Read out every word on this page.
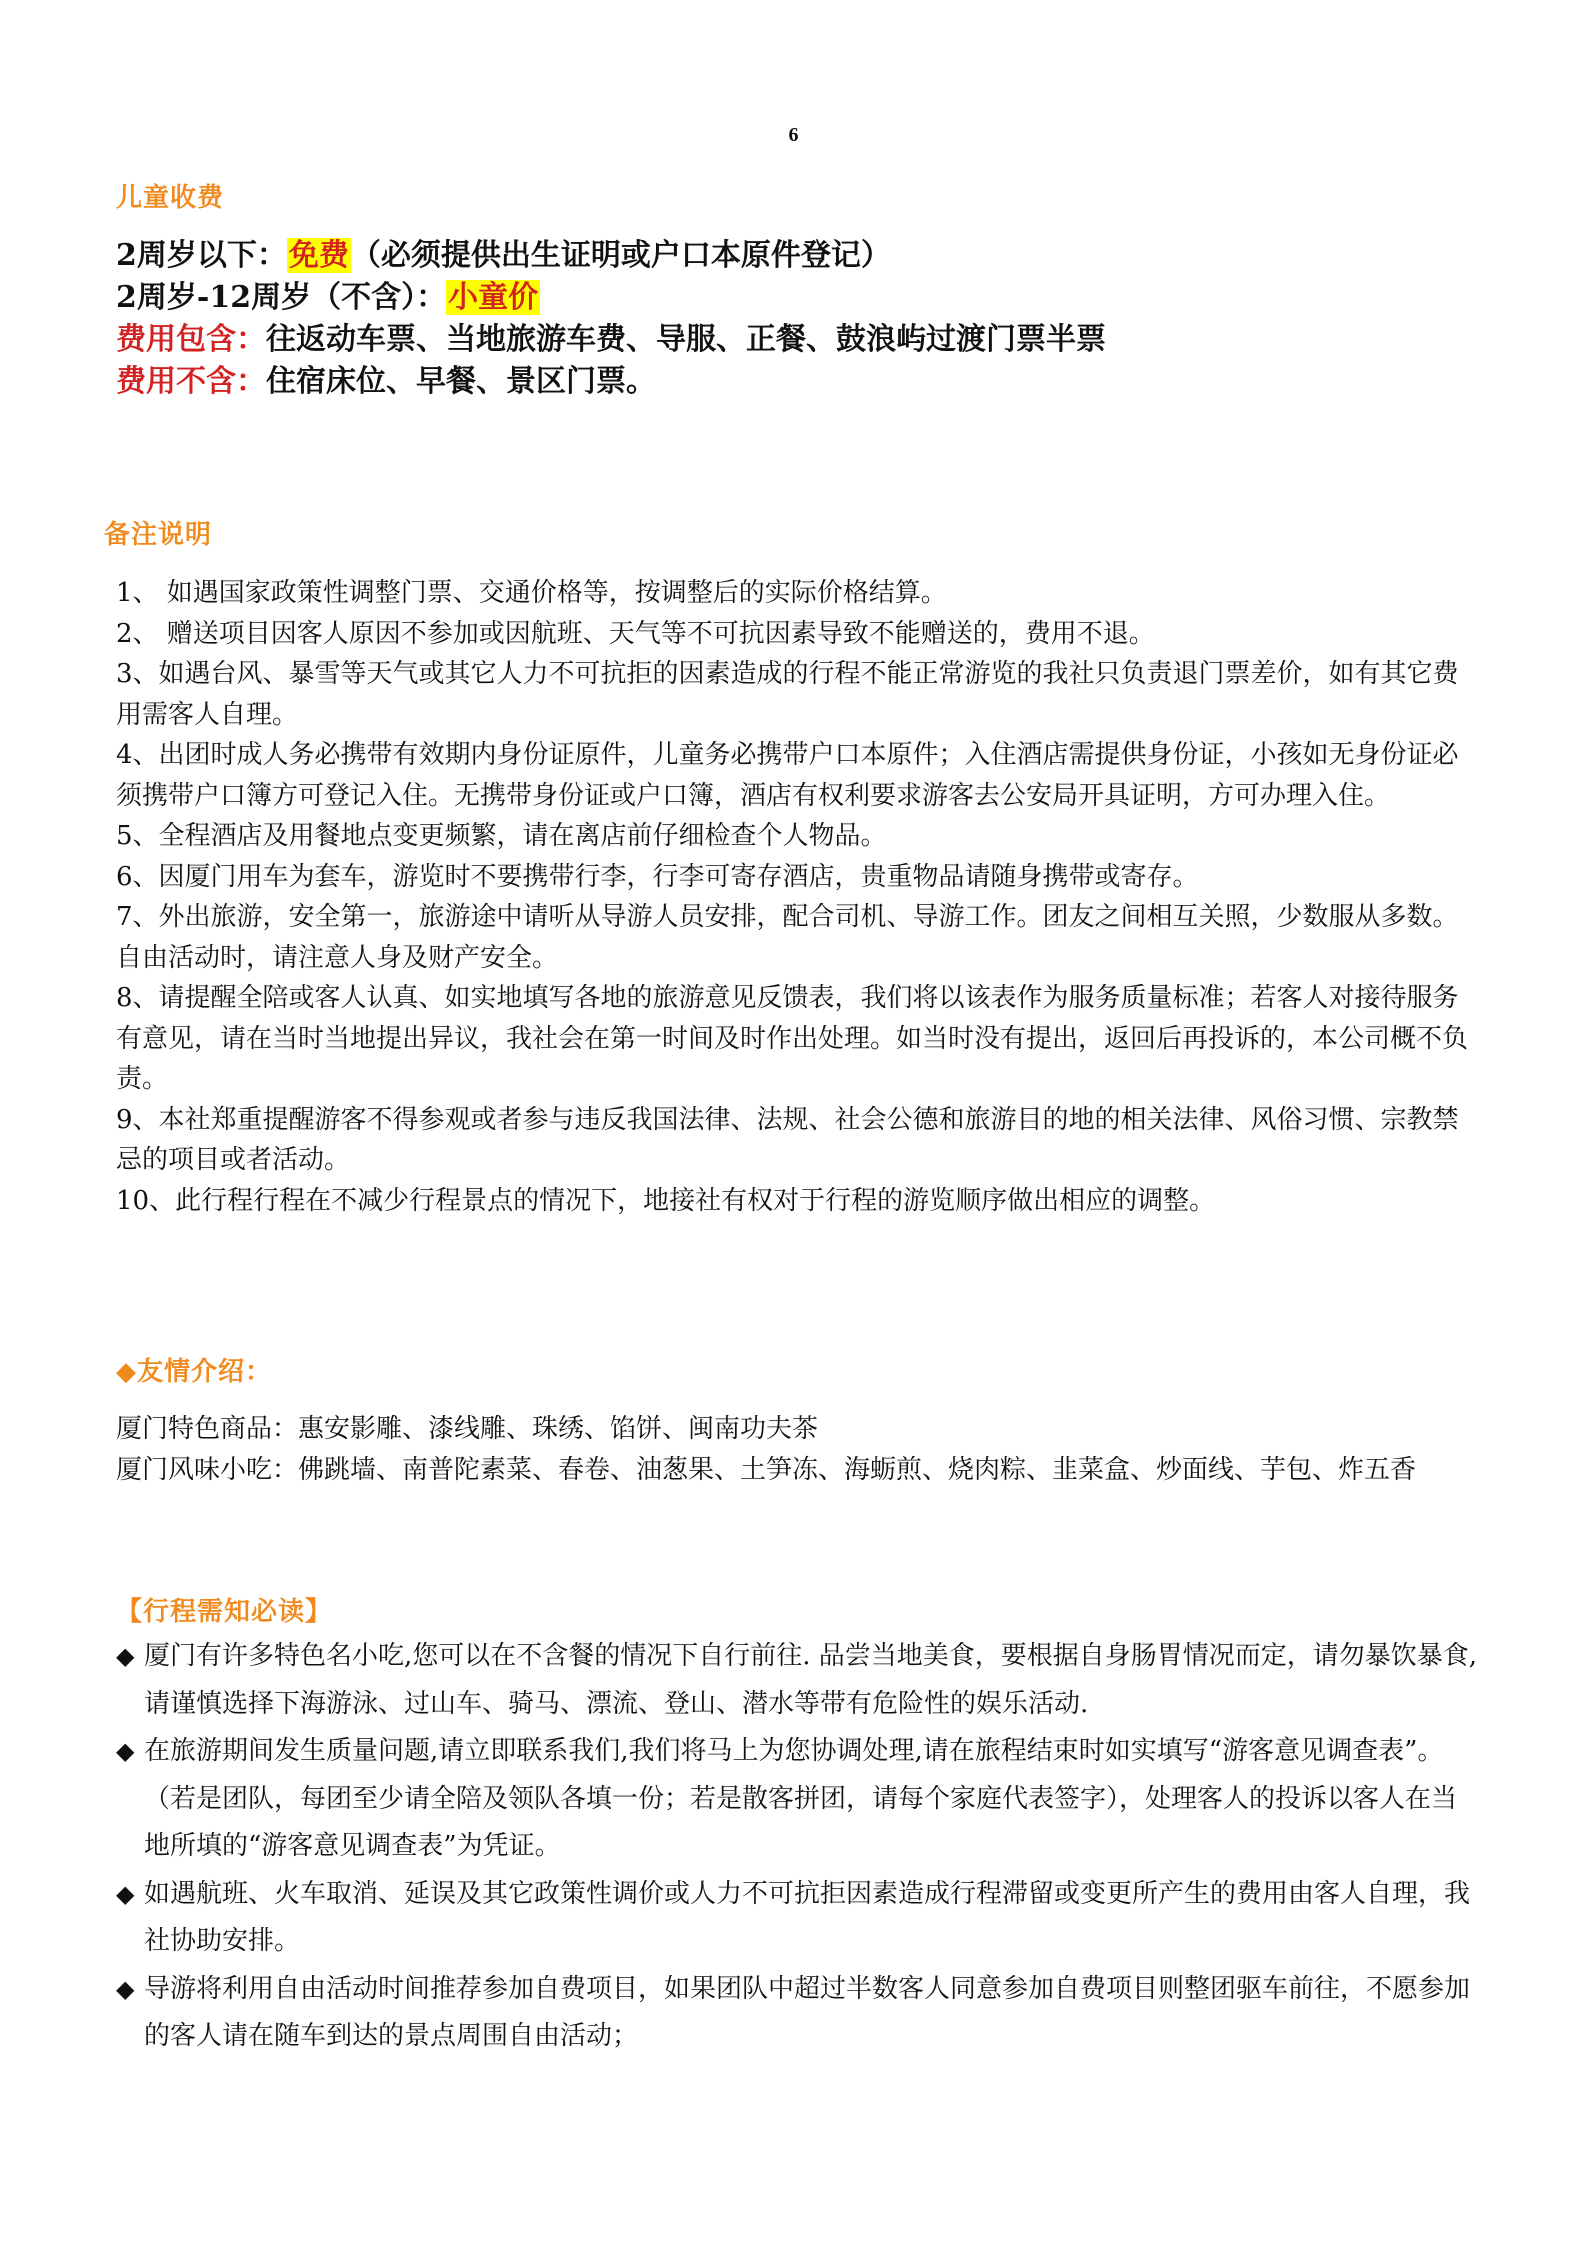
6
儿童收费
2周岁以下：免费（必须提供出生证明或户口本原件登记）
2周岁-12周岁（不含）：小童价
费用包含：往返动车票、当地旅游车费、导服、正餐、鼓浪屿过渡门票半票
费用不含：住宿床位、早餐、景区门票。
备注说明

1、 如遇国家政策性调整门票、交通价格等，按调整后的实际价格结算。

2、 赠送项目因客人原因不参加或因航班、天气等不可抗因素导致不能赠送的，费用不退。

3、如遇台风、暴雪等天气或其它人力不可抗拒的因素造成的行程不能正常游览的我社只负责退门票差价，如有其它费用需客人自理。

4、出团时成人务必携带有效期内身份证原件，儿童务必携带户口本原件；入住酒店需提供身份证，小孩如无身份证必须携带户口簿方可登记入住。无携带身份证或户口簿，酒店有权利要求游客去公安局开具证明，方可办理入住。

5、全程酒店及用餐地点变更频繁，请在离店前仔细检查个人物品。

6、因厦门用车为套车，游览时不要携带行李，行李可寄存酒店，贵重物品请随身携带或寄存。

7、外出旅游，安全第一，旅游途中请听从导游人员安排，配合司机、导游工作。团友之间相互关照，少数服从多数。自由活动时，请注意人身及财产安全。

8、请提醒全陪或客人认真、如实地填写各地的旅游意见反馈表，我们将以该表作为服务质量标准；若客人对接待服务有意见，请在当时当地提出异议，我社会在第一时间及时作出处理。如当时没有提出，返回后再投诉的，本公司概不负责。

9、本社郑重提醒游客不得参观或者参与违反我国法律、法规、社会公德和旅游目的地的相关法律、风俗习惯、宗教禁忌的项目或者活动。

10、此行程行程在不减少行程景点的情况下，地接社有权对于行程的游览顺序做出相应的调整。

◆友情介绍：

厦门特色商品：惠安影雕、漆线雕、珠绣、馅饼、闽南功夫茶

厦门风味小吃：佛跳墙、南普陀素菜、春卷、油葱果、土笋冻、海蛎煎、烧肉粽、韭菜盒、炒面线、芋包、炸五香

【行程需知必读】
◆ 厦门有许多特色名小吃,您可以在不含餐的情况下自行前往. 品尝当地美食，要根据自身肠胃情况而定，请勿暴饮暴食,请谨慎选择下海游泳、过山车、骑马、漂流、登山、潜水等带有危险性的娱乐活动.
◆ 在旅游期间发生质量问题,请立即联系我们,我们将马上为您协调处理,请在旅程结束时如实填写“游客意见调查表”。（若是团队，每团至少请全陪及领队各填一份；若是散客拼团，请每个家庭代表签字），处理客人的投诉以客人在当地所填的“游客意见调查表”为凭证。
◆ 如遇航班、火车取消、延误及其它政策性调价或人力不可抗拒因素造成行程滞留或变更所产生的费用由客人自理，我社协助安排。
◆ 导游将利用自由活动时间推荐参加自费项目，如果团队中超过半数客人同意参加自费项目则整团驱车前往，不愿参加的客人请在随车到达的景点周围自由活动；
